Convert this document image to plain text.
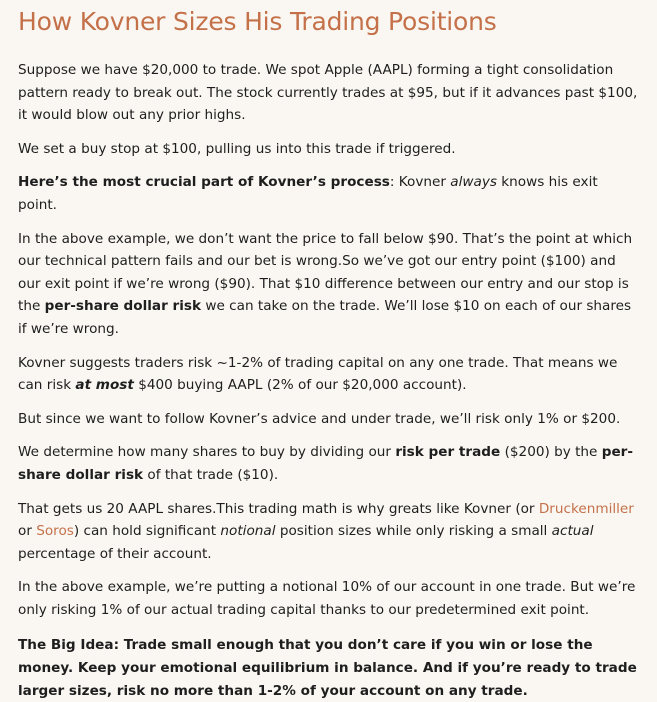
How Kovner Sizes His Trading Positions

Suppose we have $20,000 to trade. We spot Apple (AAPL) forming a tight consolidation pattern ready to break out. The stock currently trades at $95, but if it advances past $100, it would blow out any prior highs.

We set a buy stop at $100, pulling us into this trade if triggered.

Here’s the most crucial part of Kovner’s process: Kovner always knows his exit point.

In the above example, we don’t want the price to fall below $90. That’s the point at which our technical pattern fails and our bet is wrong.So we’ve got our entry point ($100) and our exit point if we’re wrong ($90). That $10 difference between our entry and our stop is the per-share dollar risk we can take on the trade. We’ll lose $10 on each of our shares if we’re wrong.

Kovner suggests traders risk ~1-2% of trading capital on any one trade. That means we can risk at most $400 buying AAPL (2% of our $20,000 account).

But since we want to follow Kovner’s advice and under trade, we’ll risk only 1% or $200.

We determine how many shares to buy by dividing our risk per trade ($200) by the per-share dollar risk of that trade ($10).

That gets us 20 AAPL shares.This trading math is why greats like Kovner (or Druckenmiller or Soros) can hold significant notional position sizes while only risking a small actual percentage of their account.

In the above example, we’re putting a notional 10% of our account in one trade. But we’re only risking 1% of our actual trading capital thanks to our predetermined exit point.

The Big Idea: Trade small enough that you don’t care if you win or lose the money. Keep your emotional equilibrium in balance. And if you’re ready to trade larger sizes, risk no more than 1-2% of your account on any trade.
